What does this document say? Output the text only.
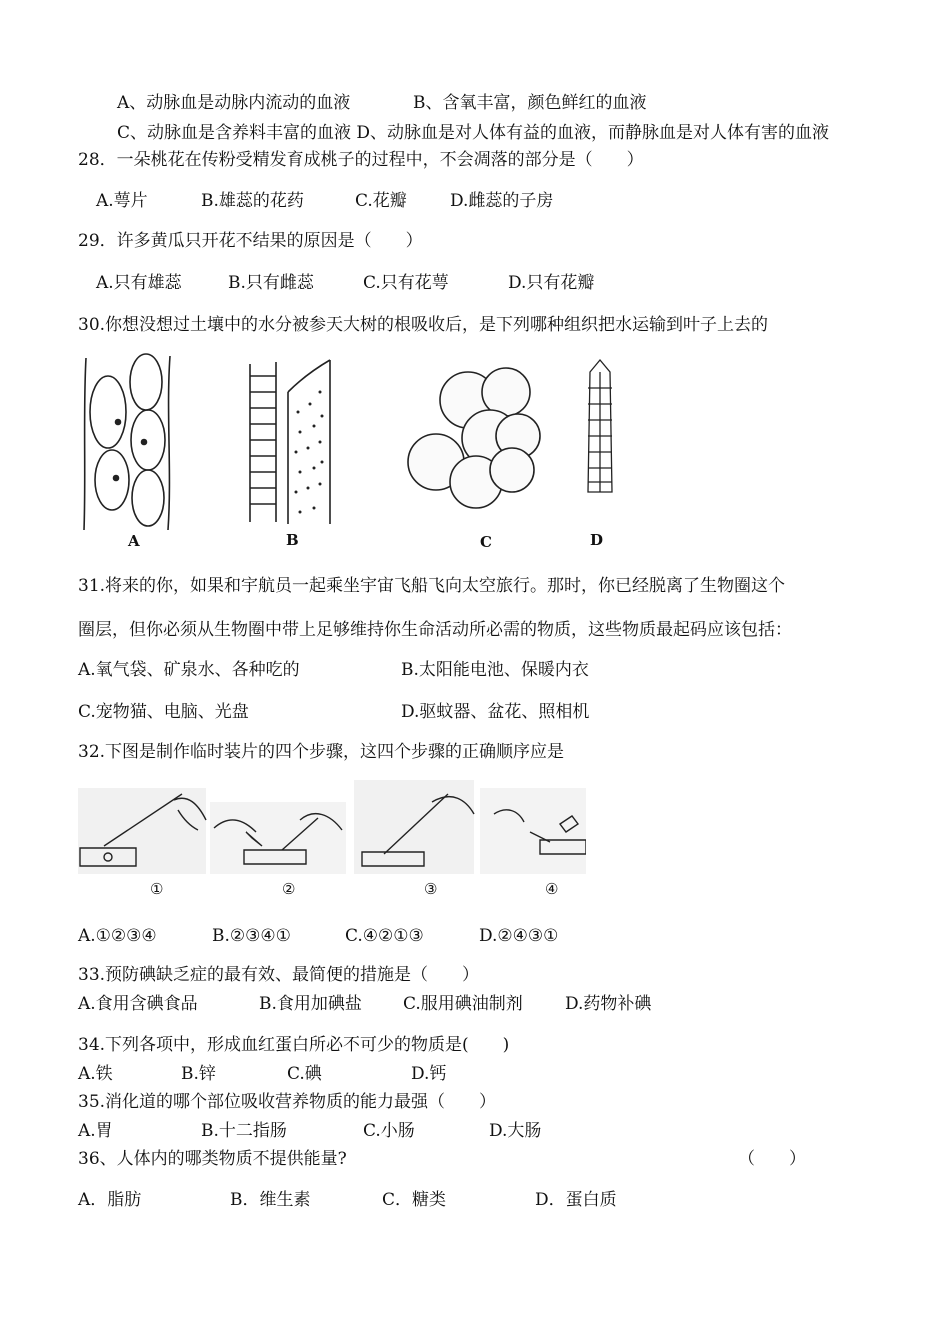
A、动脉血是动脉内流动的血液	B、含氧丰富，颜色鲜红的血液
C、动脉血是含养料丰富的血液 D、动脉血是对人体有益的血液，而静脉血是对人体有害的血液
28．一朵桃花在传粉受精发育成桃子的过程中，不会凋落的部分是（　　）
A.萼片	B.雄蕊的花药	C.花瓣	D.雌蕊的子房
29．许多黄瓜只开花不结果的原因是（　　）
A.只有雄蕊	B.只有雌蕊	C.只有花萼	D.只有花瓣
30.你想没想过土壤中的水分被参天大树的根吸收后，是下列哪种组织把水运输到叶子上去的
A	B	C	D
31.将来的你，如果和宇航员一起乘坐宇宙飞船飞向太空旅行。那时，你已经脱离了生物圈这个
圈层，但你必须从生物圈中带上足够维持你生命活动所必需的物质，这些物质最起码应该包括：
A.氧气袋、矿泉水、各种吃的	B.太阳能电池、保暖内衣
C.宠物猫、电脑、光盘	D.驱蚊器、盆花、照相机
32.下图是制作临时装片的四个步骤，这四个步骤的正确顺序应是
①	②	③	④
A.①②③④	B.②③④①	C.④②①③	D.②④③①
33.预防碘缺乏症的最有效、最简便的措施是（　　）
A.食用含碘食品	B.食用加碘盐 C.服用碘油制剂 D.药物补碘
34.下列各项中，形成血红蛋白所必不可少的物质是(　　)
A.铁	B.锌	C.碘	D.钙
35.消化道的哪个部位吸收营养物质的能力最强（　　）
A.胃	B.十二指肠	C.小肠	D.大肠
36、人体内的哪类物质不提供能量?	（　　）
A．脂肪	B．维生素	C．糖类	D．蛋白质
